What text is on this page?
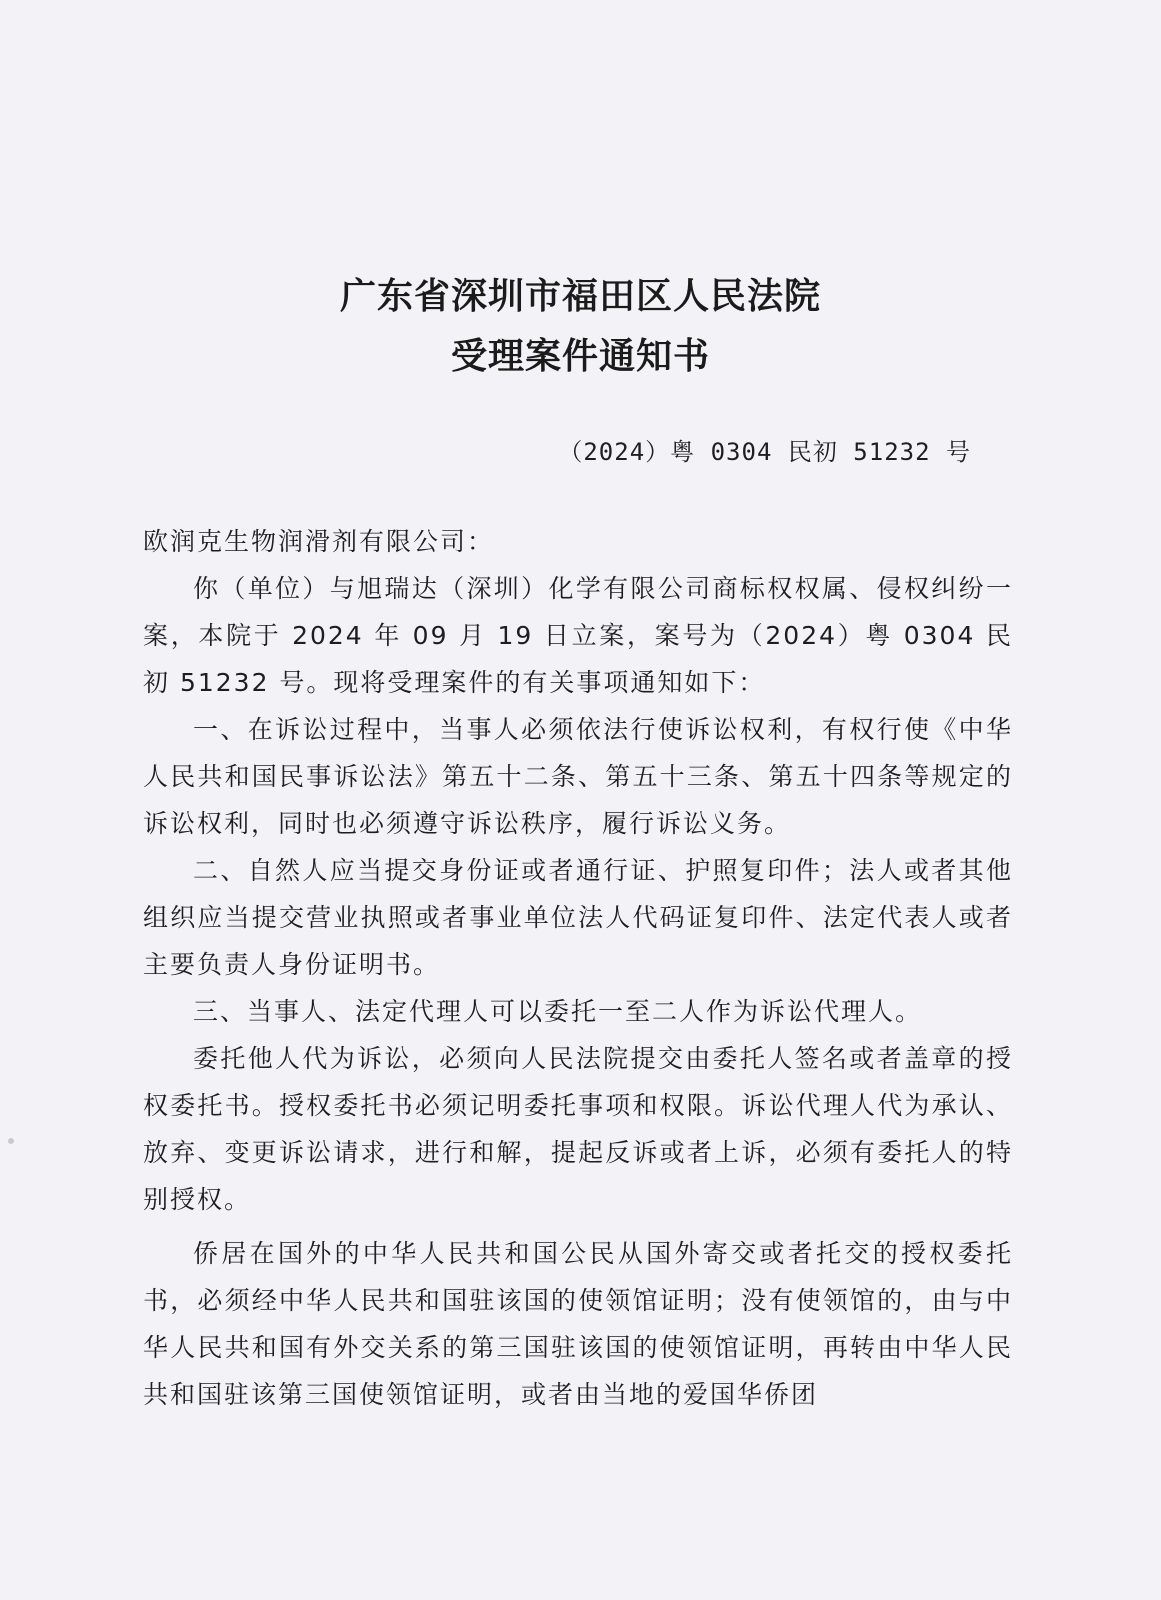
广东省深圳市福田区人民法院
受理案件通知书
（2024）粤 0304 民初 51232 号

欧润克生物润滑剂有限公司：

你（单位）与旭瑞达（深圳）化学有限公司商标权权属、侵权纠纷一案，本院于 2024 年 09 月 19 日立案，案号为（2024）粤 0304 民初 51232 号。现将受理案件的有关事项通知如下：

一、在诉讼过程中，当事人必须依法行使诉讼权利，有权行使《中华人民共和国民事诉讼法》第五十二条、第五十三条、第五十四条等规定的诉讼权利，同时也必须遵守诉讼秩序，履行诉讼义务。

二、自然人应当提交身份证或者通行证、护照复印件；法人或者其他组织应当提交营业执照或者事业单位法人代码证复印件、法定代表人或者主要负责人身份证明书。

三、当事人、法定代理人可以委托一至二人作为诉讼代理人。

委托他人代为诉讼，必须向人民法院提交由委托人签名或者盖章的授权委托书。授权委托书必须记明委托事项和权限。诉讼代理人代为承认、放弃、变更诉讼请求，进行和解，提起反诉或者上诉，必须有委托人的特别授权。

侨居在国外的中华人民共和国公民从国外寄交或者托交的授权委托书，必须经中华人民共和国驻该国的使领馆证明；没有使领馆的，由与中华人民共和国有外交关系的第三国驻该国的使领馆证明，再转由中华人民共和国驻该第三国使领馆证明，或者由当地的爱国华侨团
